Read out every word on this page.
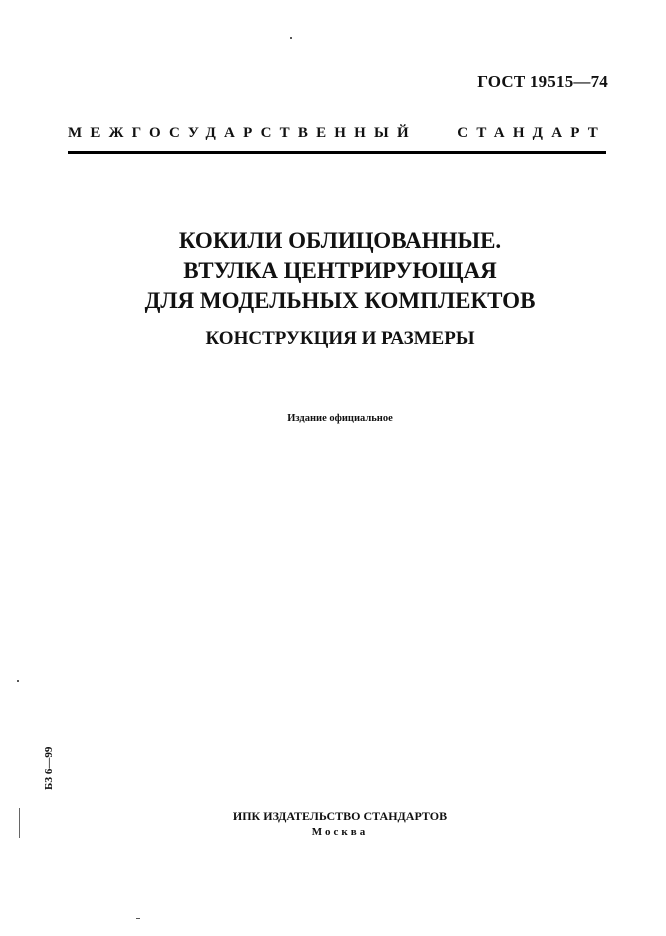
ГОСТ 19515—74
МЕЖГОСУДАРСТВЕННЫЙ	СТАНДАРТ
КОКИЛИ ОБЛИЦОВАННЫЕ.
ВТУЛКА ЦЕНТРИРУЮЩАЯ
ДЛЯ МОДЕЛЬНЫХ КОМПЛЕКТОВ
КОНСТРУКЦИЯ И РАЗМЕРЫ
Издание официальное
БЗ 6—99
ИПК ИЗДАТЕЛЬСТВО СТАНДАРТОВ
Москва
